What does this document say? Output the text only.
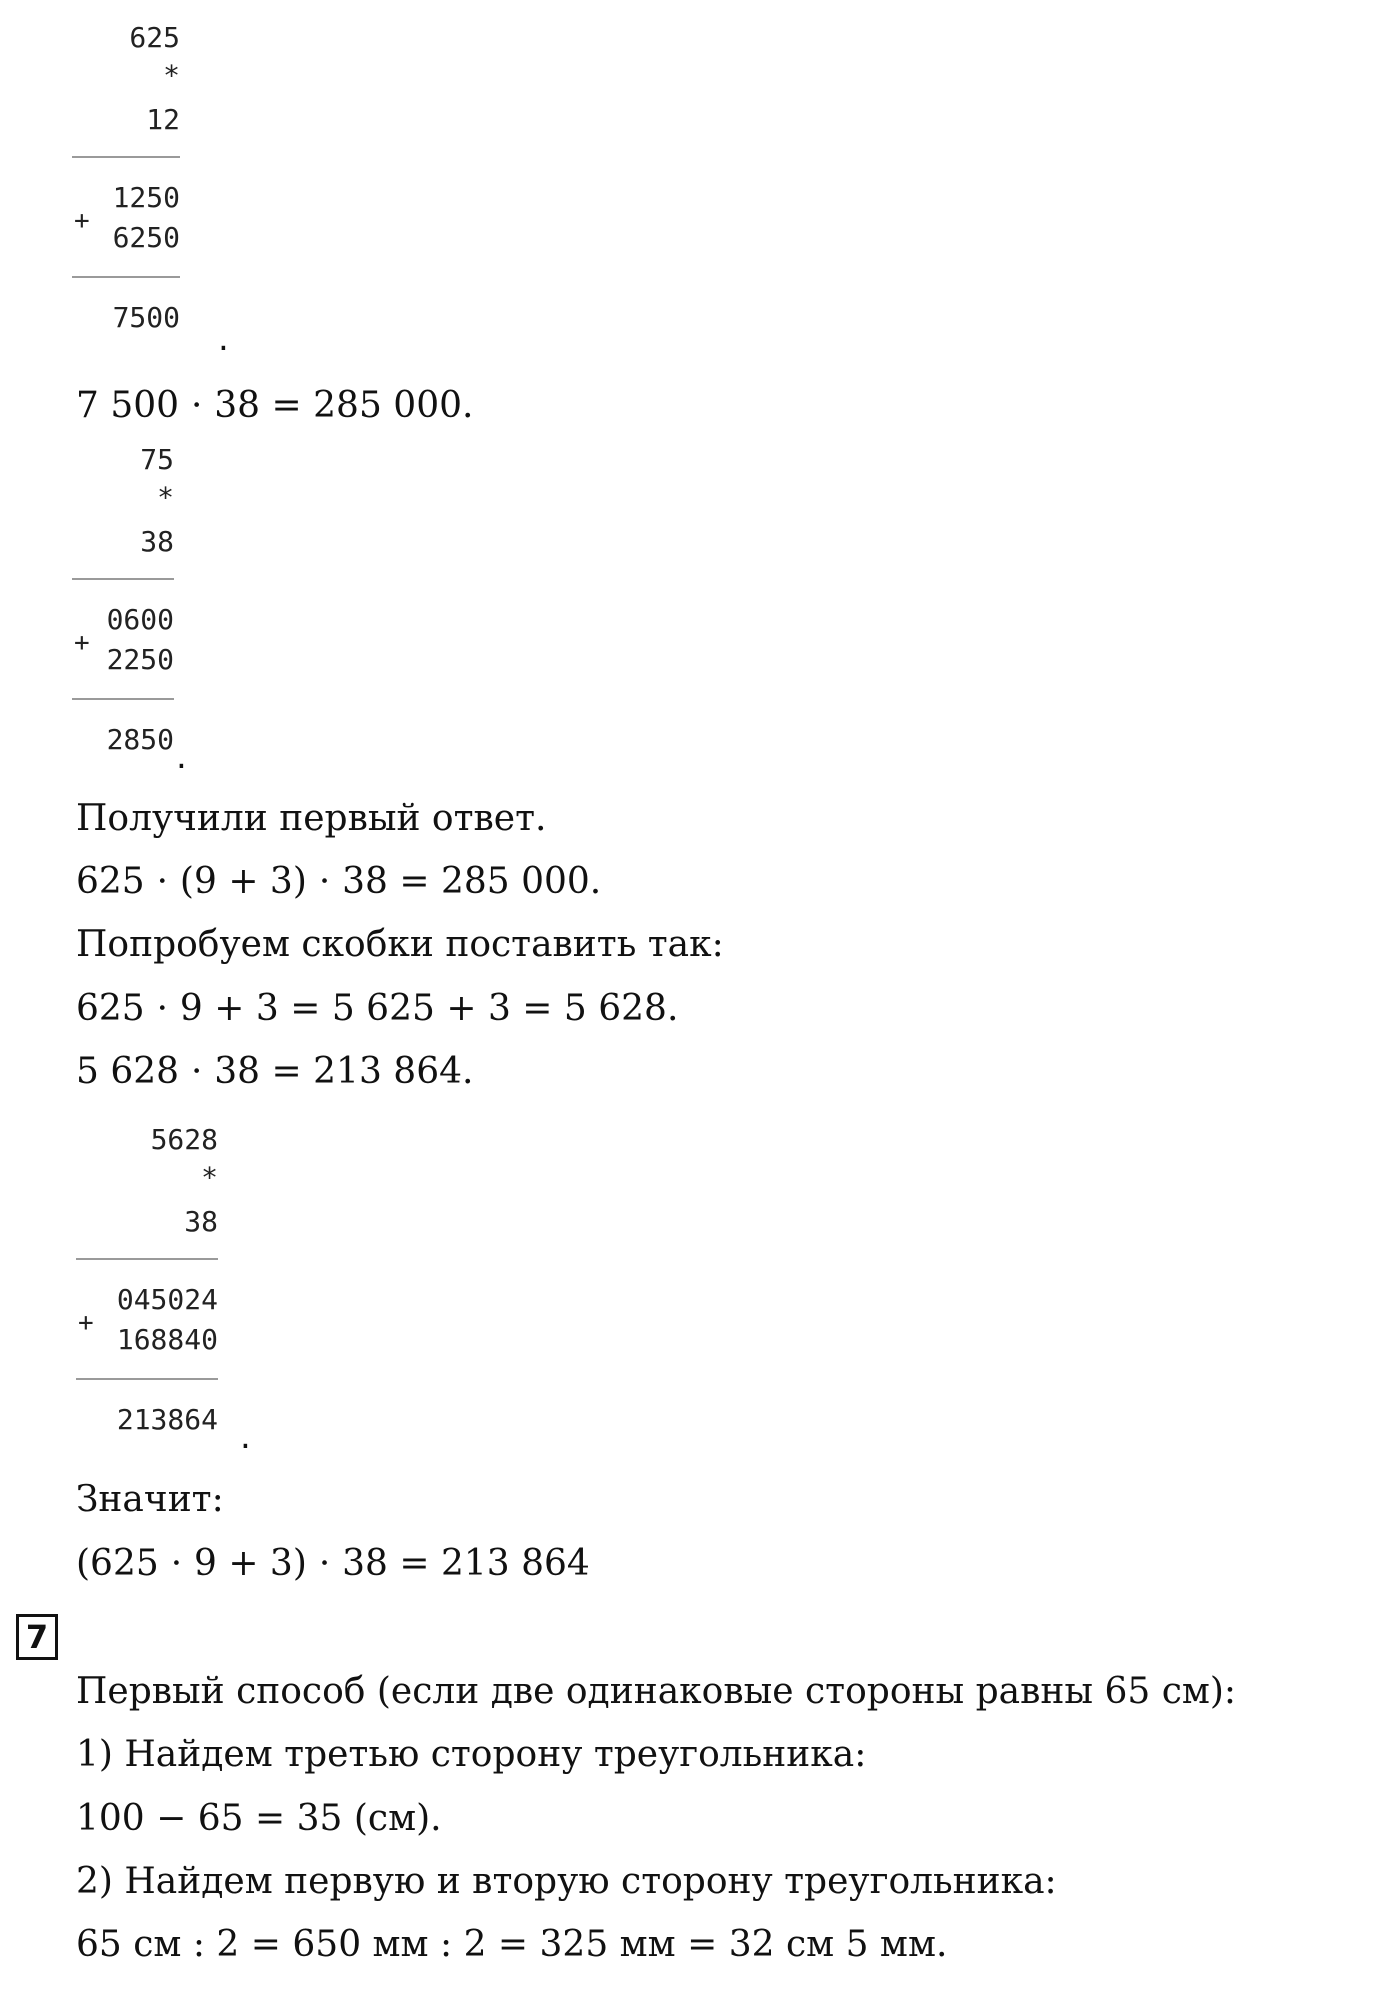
625
*
12
1250
+ 6250
7500
.
7 500 ⋅ 38 = 285 000.
75
*
38
0600
+ 2250
2850 .
Получили первый ответ.
625 ⋅ (9 + 3) ⋅ 38 = 285 000.
Попробуем скобки поставить так:
625 ⋅ 9 + 3 = 5 625 + 3 = 5 628.
5 628 ⋅ 38 = 213 864.
5628
*
38
045024
+ 168840
213864 .
Значит:
(625 ⋅ 9 + 3) ⋅ 38 = 213 864
7
Первый способ (если две одинаковые стороны равны 65 см):
1) Найдем третью сторону треугольника:
100 − 65 = 35 (см).
2) Найдем первую и вторую сторону треугольника:
65 см : 2 = 650 мм : 2 = 325 мм = 32 см 5 мм.
